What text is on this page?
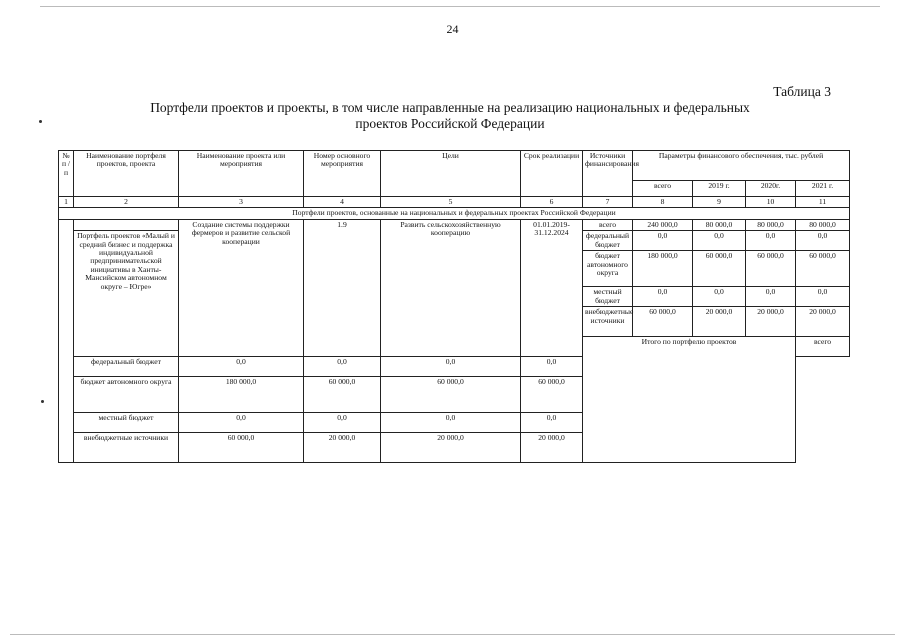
24
Таблица 3
Портфели проектов и проекты, в том числе направленные на реализацию национальных и федеральных
проектов Российской Федерации
№ п / п	Наименование портфеля проектов, проекта	Наименование проекта или мероприятия	Номер основного мероприятия	Цели	Срок реализации	Источники финансирования	Параметры финансового обеспечения, тыс. рублей				
							всего	2019 г.	2020г.	2021 г.	
1	2	3	4	5	6	7	8	9	10	11	
Портфели проектов, основанные на национальных и федеральных проектах Российской Федерации											
		Создание системы поддержки фермеров и развитие сельской кооперации	1.9	Развить сельскохозяйственную кооперацию	01.01.2019-31.12.2024	всего	240 000,0	80 000,0	80 000,0	80 000,0	
	Портфель проектов «Малый и средний бизнес и поддержка индивидуальной предпринимательской инициативы в Ханты-Мансийском автономном округе – Югре»					федеральный бюджет	0,0	0,0	0,0	0,0	
						бюджет автономного округа	180 000,0	60 000,0	60 000,0	60 000,0	
						местный бюджет	0,0	0,0	0,0	0,0	
						внебюджетные источники	60 000,0	20 000,0	20 000,0	20 000,0	
						Итого по портфелю проектов				всего				
	федеральный бюджет	0,0	0,0	0,0	0,0						
	бюджет автономного округа	180 000,0	60 000,0	60 000,0	60 000,0						
	местный бюджет	0,0	0,0	0,0	0,0						
	внебюджетные источники	60 000,0	20 000,0	20 000,0	20 000,0						
